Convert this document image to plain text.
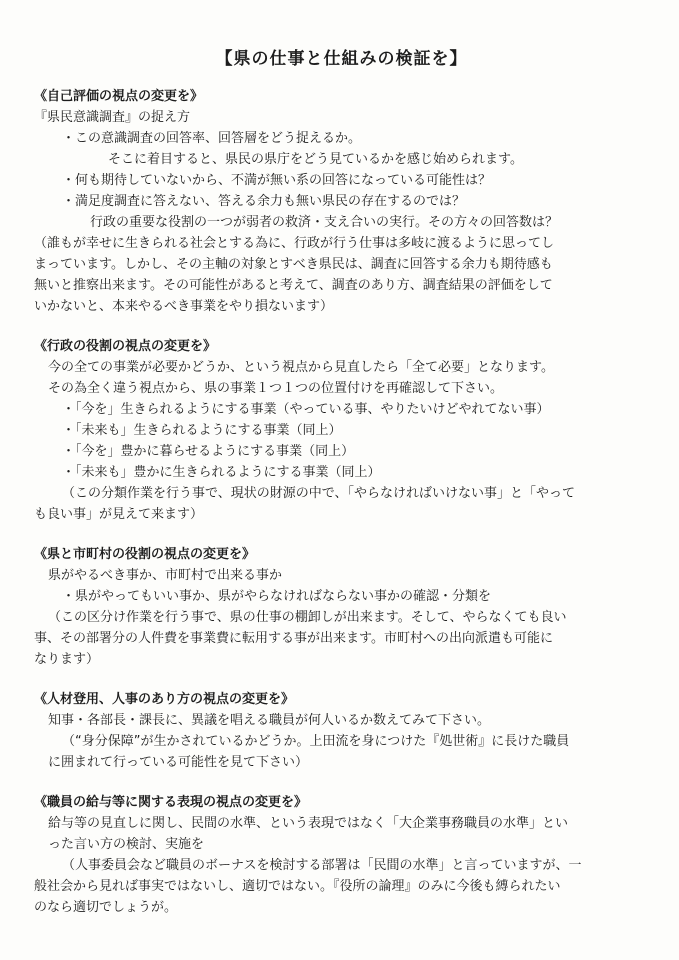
【県の仕事と仕組みの検証を】

《自己評価の視点の変更を》

『県民意識調査』の捉え方

・この意識調査の回答率、回答層をどう捉えるか。

そこに着目すると、県民の県庁をどう見ているかを感じ始められます。

・何も期待していないから、不満が無い系の回答になっている可能性は？

・満足度調査に答えない、答える余力も無い県民の存在するのでは？

行政の重要な役割の一つが弱者の救済・支え合いの実行。その方々の回答数は？

（誰もが幸せに生きられる社会とする為に、行政が行う仕事は多岐に渡るように思ってし

まっています。しかし、その主軸の対象とすべき県民は、調査に回答する余力も期待感も

無いと推察出来ます。その可能性があると考えて、調査のあり方、調査結果の評価をして

いかないと、本来やるべき事業をやり損ないます）

《行政の役割の視点の変更を》

今の全ての事業が必要かどうか、という視点から見直したら「全て必要」となります。

その為全く違う視点から、県の事業１つ１つの位置付けを再確認して下さい。

・「今を」生きられるようにする事業（やっている事、やりたいけどやれてない事）

・「未来も」生きられるようにする事業（同上）

・「今を」豊かに暮らせるようにする事業（同上）

・「未来も」豊かに生きられるようにする事業（同上）

（この分類作業を行う事で、現状の財源の中で、「やらなければいけない事」と「やって

も良い事」が見えて来ます）

《県と市町村の役割の視点の変更を》

県がやるべき事か、市町村で出来る事か

・県がやってもいい事か、県がやらなければならない事かの確認・分類を

（この区分け作業を行う事で、県の仕事の棚卸しが出来ます。そして、やらなくても良い

事、その部署分の人件費を事業費に転用する事が出来ます。市町村への出向派遣も可能に

なります）

《人材登用、人事のあり方の視点の変更を》

知事・各部長・課長に、異議を唱える職員が何人いるか数えてみて下さい。

（“身分保障”が生かされているかどうか。上田流を身につけた『処世術』に長けた職員

に囲まれて行っている可能性を見て下さい）

《職員の給与等に関する表現の視点の変更を》

給与等の見直しに関し、民間の水準、という表現ではなく「大企業事務職員の水準」とい

った言い方の検討、実施を

（人事委員会など職員のボーナスを検討する部署は「民間の水準」と言っていますが、一

般社会から見れば事実ではないし、適切ではない。『役所の論理』のみに今後も縛られたい

のなら適切でしょうが。
